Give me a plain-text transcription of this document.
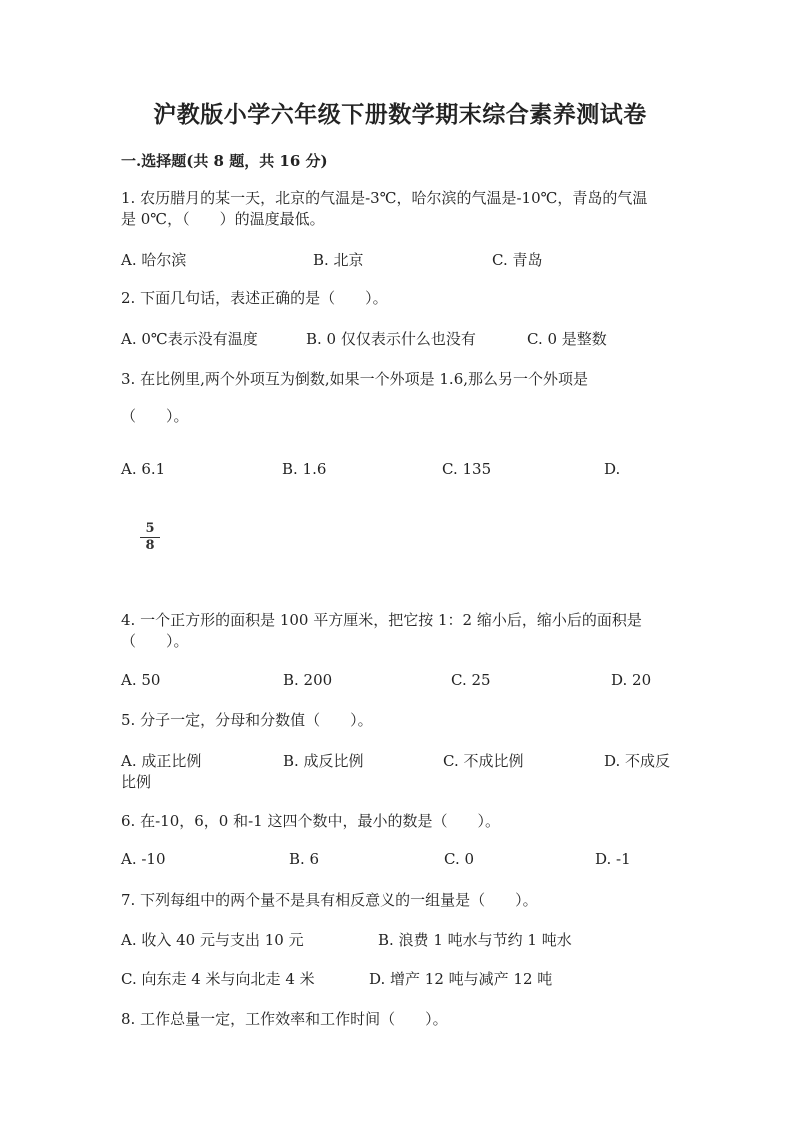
沪教版小学六年级下册数学期末综合素养测试卷
一.选择题(共 8 题，共 16 分)
1. 农历腊月的某一天，北京的气温是-3℃，哈尔滨的气温是-10℃，青岛的气温
是 0℃，（　　）的温度最低。
A. 哈尔滨	B. 北京	C. 青岛
2. 下面几句话，表述正确的是（　　）。
A. 0℃表示没有温度	B. 0 仅仅表示什么也没有	C. 0 是整数
3. 在比例里,两个外项互为倒数,如果一个外项是 1.6,那么另一个外项是
（　　）。
A. 6.1	B. 1.6	C. 135	D.
5
8
4. 一个正方形的面积是 100 平方厘米，把它按 1：2 缩小后，缩小后的面积是
（　　）。
A. 50	B. 200	C. 25	D. 20
5. 分子一定，分母和分数值（　　）。
A. 成正比例	B. 成反比例	C. 不成比例	D. 不成反
比例
6. 在-10，6，0 和-1 这四个数中，最小的数是（　　）。
A. -10	B. 6	C. 0	D. -1
7. 下列每组中的两个量不是具有相反意义的一组量是（　　）。
A. 收入 40 元与支出 10 元	B. 浪费 1 吨水与节约 1 吨水
C. 向东走 4 米与向北走 4 米	D. 增产 12 吨与减产 12 吨
8. 工作总量一定，工作效率和工作时间（　　）。
